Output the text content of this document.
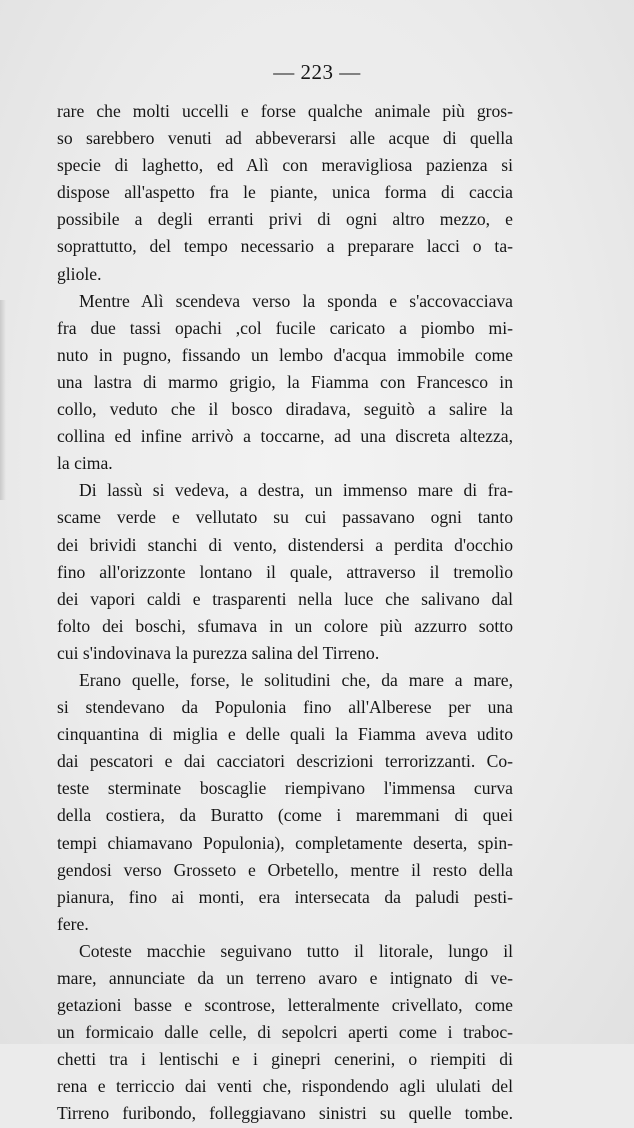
— 223 —
rare che molti uccelli e forse qualche animale più gros-
so sarebbero venuti ad abbeverarsi alle acque di quella
specie di laghetto, ed Alì con meravigliosa pazienza si
dispose all'aspetto fra le piante, unica forma di caccia
possibile a degli erranti privi di ogni altro mezzo, e
soprattutto, del tempo necessario a preparare lacci o ta-
gliole.
Mentre Alì scendeva verso la sponda e s'accovacciava
fra due tassi opachi ,col fucile caricato a piombo mi-
nuto in pugno, fissando un lembo d'acqua immobile come
una lastra di marmo grigio, la Fiamma con Francesco in
collo, veduto che il bosco diradava, seguitò a salire la
collina ed infine arrivò a toccarne, ad una discreta altezza,
la cima.
Di lassù si vedeva, a destra, un immenso mare di fra-
scame verde e vellutato su cui passavano ogni tanto
dei brividi stanchi di vento, distendersi a perdita d'occhio
fino all'orizzonte lontano il quale, attraverso il tremolìo
dei vapori caldi e trasparenti nella luce che salivano dal
folto dei boschi, sfumava in un colore più azzurro sotto
cui s'indovinava la purezza salina del Tirreno.
Erano quelle, forse, le solitudini che, da mare a mare,
si stendevano da Populonia fino all'Alberese per una
cinquantina di miglia e delle quali la Fiamma aveva udito
dai pescatori e dai cacciatori descrizioni terrorizzanti. Co-
teste sterminate boscaglie riempivano l'immensa curva
della costiera, da Buratto (come i maremmani di quei
tempi chiamavano Populonia), completamente deserta, spin-
gendosi verso Grosseto e Orbetello, mentre il resto della
pianura, fino ai monti, era intersecata da paludi pesti-
fere.
Coteste macchie seguivano tutto il litorale, lungo il
mare, annunciate da un terreno avaro e intignato di ve-
getazioni basse e scontrose, letteralmente crivellato, come
un formicaio dalle celle, di sepolcri aperti come i traboc-
chetti tra i lentischi e i ginepri cenerini, o riempiti di
rena e terriccio dai venti che, rispondendo agli ululati del
Tirreno furibondo, folleggiavano sinistri su quelle tombe.
